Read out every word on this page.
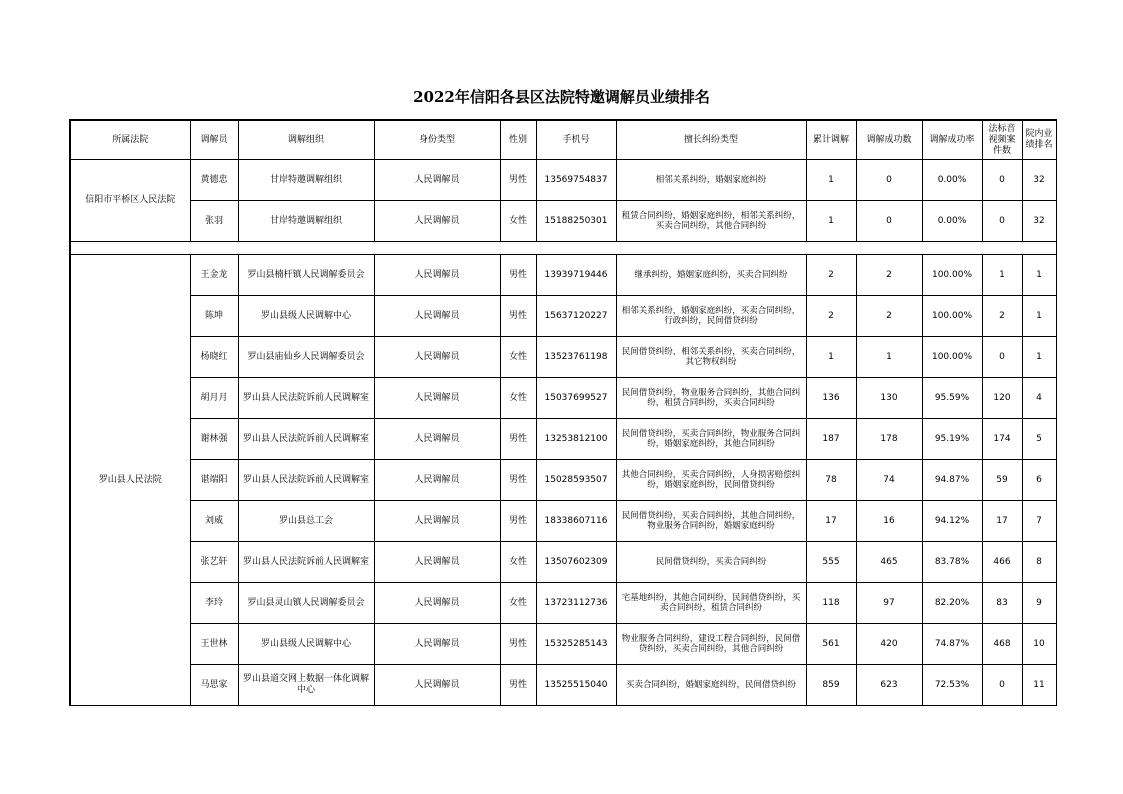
2022年信阳各县区法院特邀调解员业绩排名
所属法院	调解员	调解组织	身份类型	性别	手机号	擅长纠纷类型	累计调解	调解成功数	调解成功率	法标音视频案件数	院内业绩排名
信阳市平桥区人民法院	黄德忠	甘岸特邀调解组织	人民调解员	男性	13569754837	相邻关系纠纷，婚姻家庭纠纷	1	0	0.00%	0	32
	张羽	甘岸特邀调解组织	人民调解员	女性	15188250301	租赁合同纠纷，婚姻家庭纠纷，相邻关系纠纷，买卖合同纠纷，其他合同纠纷	1	0	0.00%	0	32

罗山县人民法院	王金龙	罗山县楠杆镇人民调解委员会	人民调解员	男性	13939719446	继承纠纷，婚姻家庭纠纷，买卖合同纠纷	2	2	100.00%	1	1
	陈坤	罗山县级人民调解中心	人民调解员	男性	15637120227	相邻关系纠纷，婚姻家庭纠纷，买卖合同纠纷，行政纠纷，民间借贷纠纷	2	2	100.00%	2	1
	杨晓红	罗山县庙仙乡人民调解委员会	人民调解员	女性	13523761198	民间借贷纠纷，相邻关系纠纷，买卖合同纠纷，其它物权纠纷	1	1	100.00%	0	1
	胡月月	罗山县人民法院诉前人民调解室	人民调解员	女性	15037699527	民间借贷纠纷，物业服务合同纠纷，其他合同纠纷，租赁合同纠纷，买卖合同纠纷	136	130	95.59%	120	4
	谢林强	罗山县人民法院诉前人民调解室	人民调解员	男性	13253812100	民间借贷纠纷，买卖合同纠纷，物业服务合同纠纷，婚姻家庭纠纷，其他合同纠纷	187	178	95.19%	174	5
	谌端阳	罗山县人民法院诉前人民调解室	人民调解员	男性	15028593507	其他合同纠纷，买卖合同纠纷，人身损害赔偿纠纷，婚姻家庭纠纷，民间借贷纠纷	78	74	94.87%	59	6
	刘威	罗山县总工会	人民调解员	男性	18338607116	民间借贷纠纷，买卖合同纠纷，其他合同纠纷，物业服务合同纠纷，婚姻家庭纠纷	17	16	94.12%	17	7
	张艺轩	罗山县人民法院诉前人民调解室	人民调解员	女性	13507602309	民间借贷纠纷，买卖合同纠纷	555	465	83.78%	466	8
	李玲	罗山县灵山镇人民调解委员会	人民调解员	女性	13723112736	宅基地纠纷，其他合同纠纷，民间借贷纠纷，买卖合同纠纷，租赁合同纠纷	118	97	82.20%	83	9
	王世林	罗山县级人民调解中心	人民调解员	男性	15325285143	物业服务合同纠纷，建设工程合同纠纷，民间借贷纠纷，买卖合同纠纷，其他合同纠纷	561	420	74.87%	468	10
	马思家	罗山县道交网上数据一体化调解中心	人民调解员	男性	13525515040	买卖合同纠纷，婚姻家庭纠纷，民间借贷纠纷	859	623	72.53%	0	11
